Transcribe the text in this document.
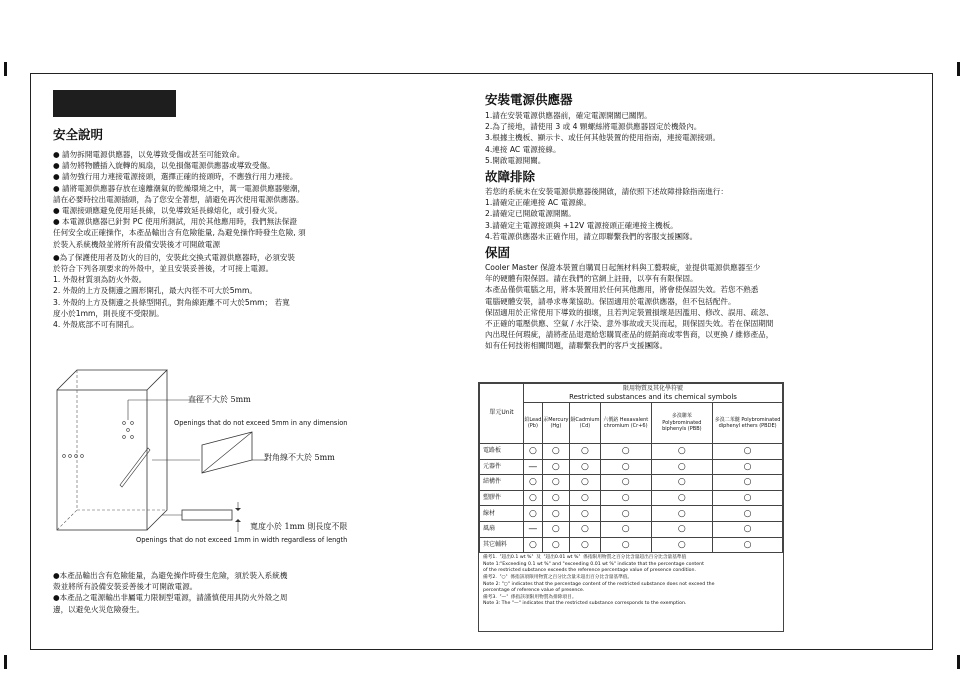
安全說明

● 請勿拆開電源供應器，以免導致受傷或甚至可能致命。

● 請勿將物體插入旋轉的風扇，以免損傷電源供應器或導致受傷。

● 請勿強行用力連接電源接頭，選擇正確的接頭時，不應強行用力連接。

● 請將電源供應器存放在遠離潮氣的乾燥環境之中，萬一電源供應器變潮，

請在必要時拉出電源插頭，為了您安全著想，請避免再次使用電源供應器。

● 電源接頭應避免使用延長線，以免導致延長線熔化，或引發火災。

● 本電源供應器已針對 PC 使用所測試，用於其他應用時，我們無法保證

任何安全或正確操作，本產品輸出含有危險能量, 為避免操作時發生危險, 須

於裝入系統機殼並將所有設備安裝後才可開啟電源

●為了保護使用者及防火的目的，安裝此交換式電源供應器時，必須安裝

於符合下列各項要求的外殼中，並且安裝妥善後，才可接上電源。

1. 外殼材質須為防火外殼。

2. 外殼的上方及側邊之圓形開孔，最大內徑不可大於5mm。

3. 外殼的上方及側邊之長條型開孔，對角線距離不可大於5mm； 若寬

度小於1mm，則長度不受限制。

4. 外殼底部不可有開孔。

直徑不大於 5mm
Openings that do not exceed 5mm in any dimension
對角線不大於 5mm
寬度小於 1mm 則長度不限
Openings that do not exceed 1mm in width regardless of length

●本產品輸出含有危險能量，為避免操作時發生危險，須於裝入系統機

殼並將所有設備安裝妥善後才可開啟電源。

●本產品之電源輸出非屬電力限制型電源，請謹慎使用具防火外殼之周

邊，以避免火災危險發生。

安裝電源供應器

1.請在安裝電源供應器前，確定電源開關已關閉。

2.為了接地，請使用 3 或 4 顆螺絲將電源供應器固定於機殼內。

3.根據主機板、顯示卡、或任何其他裝置的使用指南，連接電源接頭。

4.連接 AC 電源接線。

5.開啟電源開關。

故障排除

若您的系統未在安裝電源供應器後開啟，請依照下述故障排除指南進行：

1.請確定正確連接 AC 電源線。

2.請確定已開啟電源開關。

3.請確定主電源接頭與 +12V 電源接頭正確連接主機板。

4.若電源供應器未正確作用，請立即聯繫我們的客服支援團隊。

保固

Cooler Master 保證本裝置自購買日起無材料與工藝瑕疵，並提供電源供應器至少

年的硬體有限保固。請在我們的官網上註冊，以享有有限保固。

本產品僅供電腦之用，將本裝置用於任何其他應用，將會使保固失效。若您不熟悉

電腦硬體安裝，請尋求專業協助。保固適用於電源供應器，但不包括配件。

保固適用於正常使用下導致的損壞，且若判定裝置損壞是因濫用、修改、誤用、疏忽、

不正確的電壓供應、空氣 / 水汙染、意外事故或天災而起，則保固失效。若在保固期間

內出現任何瑕疵，請將產品退還給您購買產品的經銷商或零售商，以更換 / 維修產品，

如有任何技術相關問題，請聯繫我們的客戶支援團隊。

單元Unit	限用物質及其化學符號
Restricted substances and its chemical symbols					

	鉛Lead (Pb)	汞Mercury (Hg)	鎘Cadmium (Cd)	六價鉻 Hexavalent chromium (Cr+6)	多溴聯苯 Polybrominated biphenyls (PBB)	多溴二苯醚 Polybrominated diphenyl ethers (PBDE)
電路板	○	○	○	○	○	○
元器件	—	○	○	○	○	○
結構件	○	○	○	○	○	○
塑膠件	○	○	○	○	○	○
線材	○	○	○	○	○	○
風扇	—	○	○	○	○	○
其它輔料	○	○	○	○	○	○
備考1.〝超出0.1 wt %〞及〝超出0.01 wt %〞係指限用物質之百分比含量超出百分比含量基準值
Note 1:"Exceeding 0.1 wt %" and "exceeding 0.01 wt %" indicate that the percentage content
of the restricted substance exceeds the reference percentage value of presence condition.
備考2.〝○〞係指該項限用物質之百分比含量未超出百分比含量基準值。
Note 2: "○" indicates that the percentage content of the restricted substance does not exceed the
percentage of reference value of presence.
備考3.〝—〞係指該項限用物質為排除項目。
Note 3: The "—" indicates that the restricted substance corresponds to the exemption.
